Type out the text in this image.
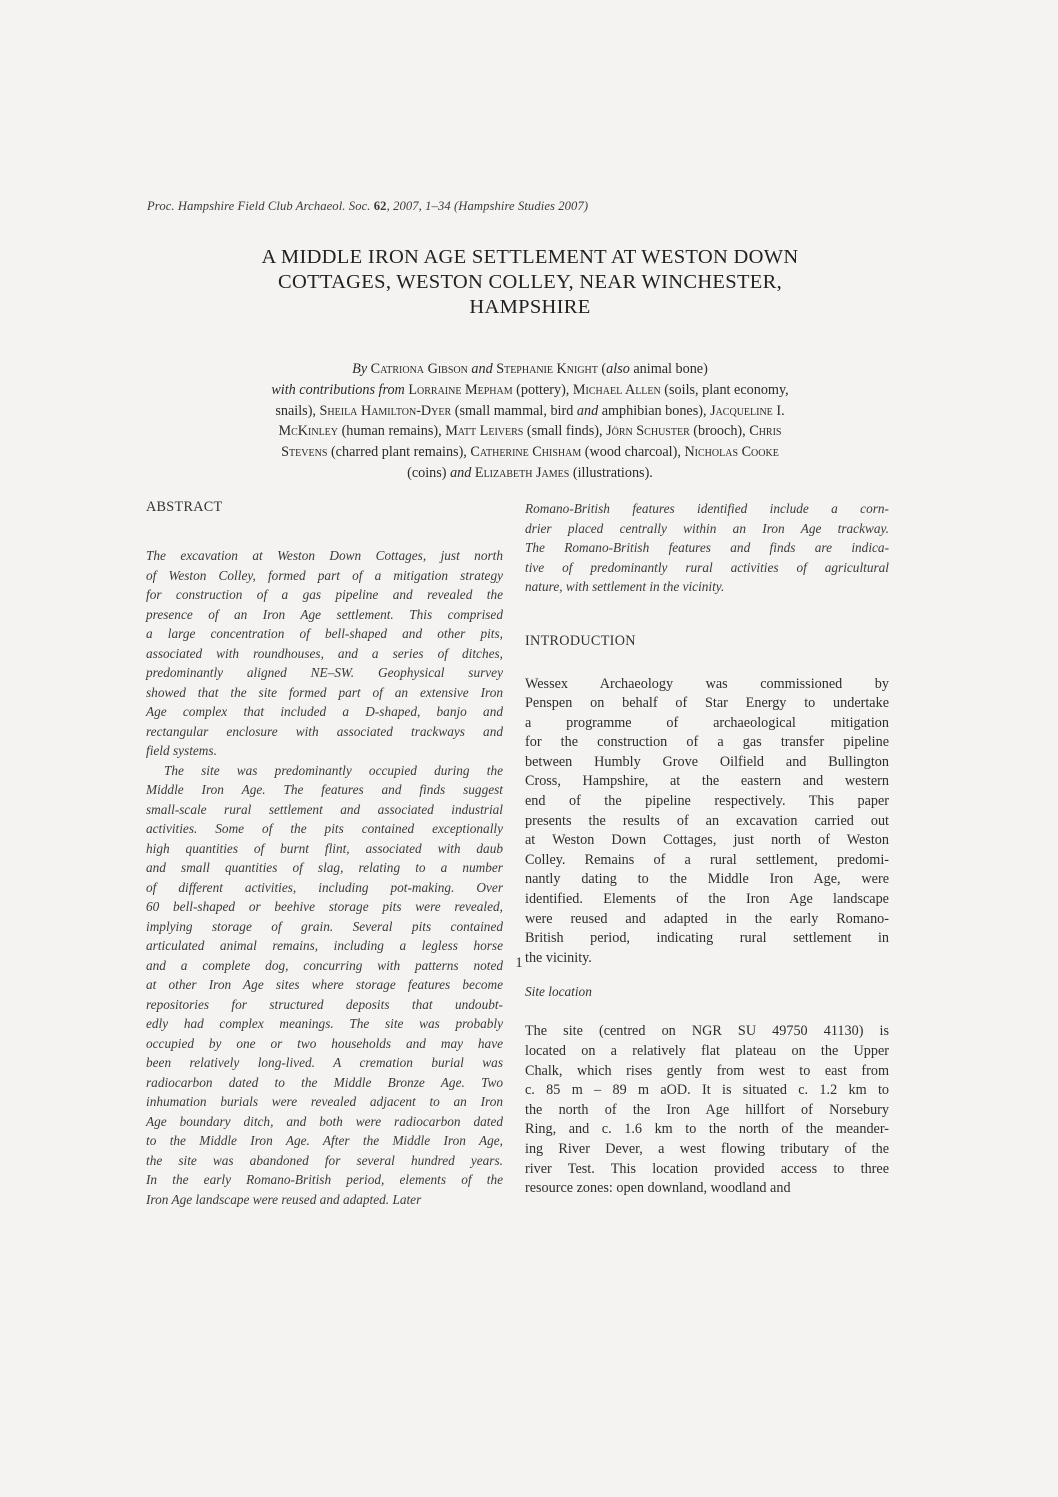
Proc. Hampshire Field Club Archaeol. Soc. 62, 2007, 1–34 (Hampshire Studies 2007)
A MIDDLE IRON AGE SETTLEMENT AT WESTON DOWN
COTTAGES, WESTON COLLEY, NEAR WINCHESTER,
HAMPSHIRE
By Catriona Gibson and Stephanie Knight (also animal bone)
with contributions from Lorraine Mepham (pottery), Michael Allen (soils, plant economy,
snails), Sheila Hamilton-Dyer (small mammal, bird and amphibian bones), Jacqueline I.
McKinley (human remains), Matt Leivers (small finds), Jörn Schuster (brooch), Chris
Stevens (charred plant remains), Catherine Chisham (wood charcoal), Nicholas Cooke
(coins) and Elizabeth James (illustrations).
ABSTRACT
The excavation at Weston Down Cottages, just north
of Weston Colley, formed part of a mitigation strategy
for construction of a gas pipeline and revealed the
presence of an Iron Age settlement. This comprised
a large concentration of bell-shaped and other pits,
associated with roundhouses, and a series of ditches,
predominantly aligned NE–SW. Geophysical survey
showed that the site formed part of an extensive Iron
Age complex that included a D-shaped, banjo and
rectangular enclosure with associated trackways and
field systems.
The site was predominantly occupied during the
Middle Iron Age. The features and finds suggest
small-scale rural settlement and associated industrial
activities. Some of the pits contained exceptionally
high quantities of burnt flint, associated with daub
and small quantities of slag, relating to a number
of different activities, including pot-making. Over
60 bell-shaped or beehive storage pits were revealed,
implying storage of grain. Several pits contained
articulated animal remains, including a legless horse
and a complete dog, concurring with patterns noted
at other Iron Age sites where storage features become
repositories for structured deposits that undoubt-
edly had complex meanings. The site was probably
occupied by one or two households and may have
been relatively long-lived. A cremation burial was
radiocarbon dated to the Middle Bronze Age. Two
inhumation burials were revealed adjacent to an Iron
Age boundary ditch, and both were radiocarbon dated
to the Middle Iron Age. After the Middle Iron Age,
the site was abandoned for several hundred years.
In the early Romano-British period, elements of the
Iron Age landscape were reused and adapted. Later
Romano-British features identified include a corn-
drier placed centrally within an Iron Age trackway.
The Romano-British features and finds are indica-
tive of predominantly rural activities of agricultural
nature, with settlement in the vicinity.
INTRODUCTION
Wessex Archaeology was commissioned by
Penspen on behalf of Star Energy to undertake
a programme of archaeological mitigation
for the construction of a gas transfer pipeline
between Humbly Grove Oilfield and Bullington
Cross, Hampshire, at the eastern and western
end of the pipeline respectively. This paper
presents the results of an excavation carried out
at Weston Down Cottages, just north of Weston
Colley. Remains of a rural settlement, predomi-
nantly dating to the Middle Iron Age, were
identified. Elements of the Iron Age landscape
were reused and adapted in the early Romano-
British period, indicating rural settlement in
the vicinity.
Site location
The site (centred on NGR SU 49750 41130) is
located on a relatively flat plateau on the Upper
Chalk, which rises gently from west to east from
c. 85 m – 89 m aOD. It is situated c. 1.2 km to
the north of the Iron Age hillfort of Norsebury
Ring, and c. 1.6 km to the north of the meander-
ing River Dever, a west flowing tributary of the
river Test. This location provided access to three
resource zones: open downland, woodland and
1
